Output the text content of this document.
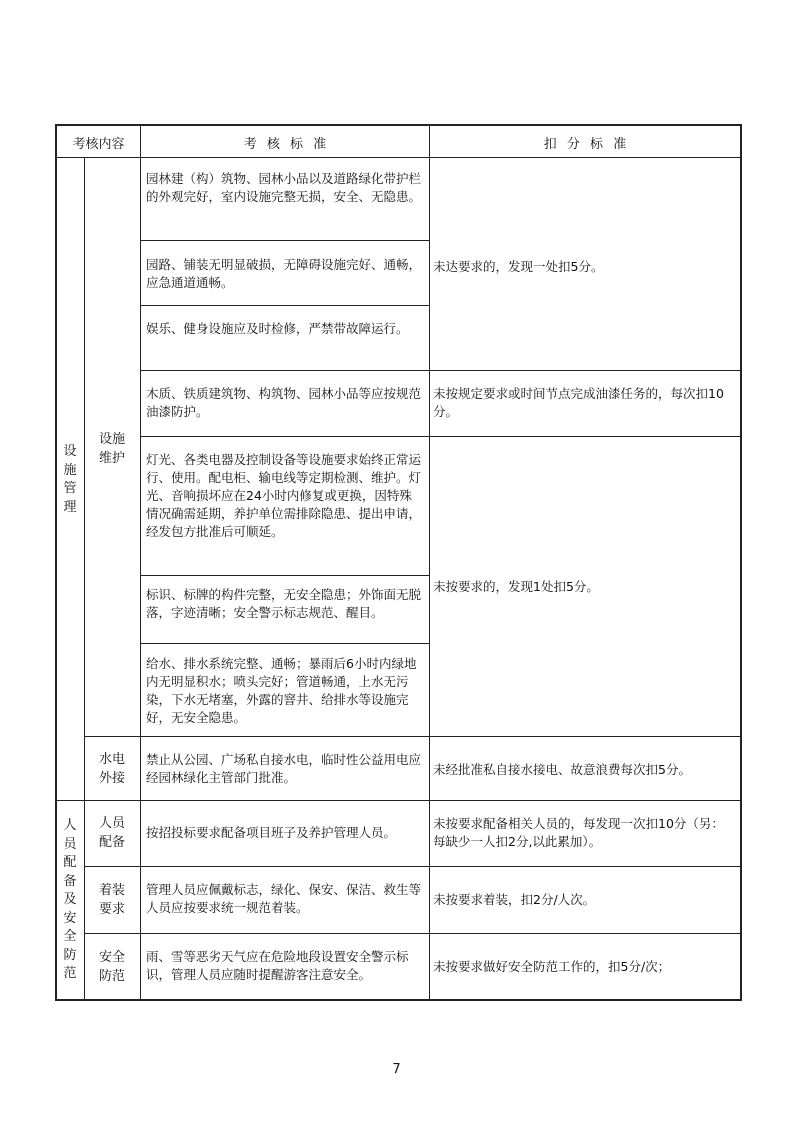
考核内容	考 核 标 准	扣 分 标 准
设施管理
设施维护
园林建（构）筑物、园林小品以及道路绿化带护栏的外观完好，室内设施完整无损，安全、无隐患。
园路、铺装无明显破损，无障碍设施完好、通畅，应急通道通畅。
娱乐、健身设施应及时检修，严禁带故障运行。
木质、铁质建筑物、构筑物、园林小品等应按规范油漆防护。
灯光、各类电器及控制设备等设施要求始终正常运行、使用。配电柜、输电线等定期检测、维护。灯光、音响损坏应在24小时内修复或更换，因特殊情况确需延期，养护单位需排除隐患、提出申请，经发包方批准后可顺延。
标识、标牌的构件完整，无安全隐患；外饰面无脱落，字迹清晰；安全警示标志规范、醒目。
给水、排水系统完整、通畅；暴雨后6小时内绿地内无明显积水；喷头完好；管道畅通，上水无污染，下水无堵塞，外露的窨井、给排水等设施完好，无安全隐患。
未达要求的，发现一处扣5分。
未按规定要求或时间节点完成油漆任务的，每次扣10分。
未按要求的，发现1处扣5分。
水电外接
禁止从公园、广场私自接水电，临时性公益用电应经园林绿化主管部门批准。
未经批准私自接水接电、故意浪费每次扣5分。
人员配备及安全防范
人员配备
按招投标要求配备项目班子及养护管理人员。
未按要求配备相关人员的，每发现一次扣10分（另：每缺少一人扣2分,以此累加）。
着装要求
管理人员应佩戴标志，绿化、保安、保洁、救生等人员应按要求统一规范着装。
未按要求着装，扣2分/人次。
安全防范
雨、雪等恶劣天气应在危险地段设置安全警示标识，管理人员应随时提醒游客注意安全。
未按要求做好安全防范工作的，扣5分/次；
7
